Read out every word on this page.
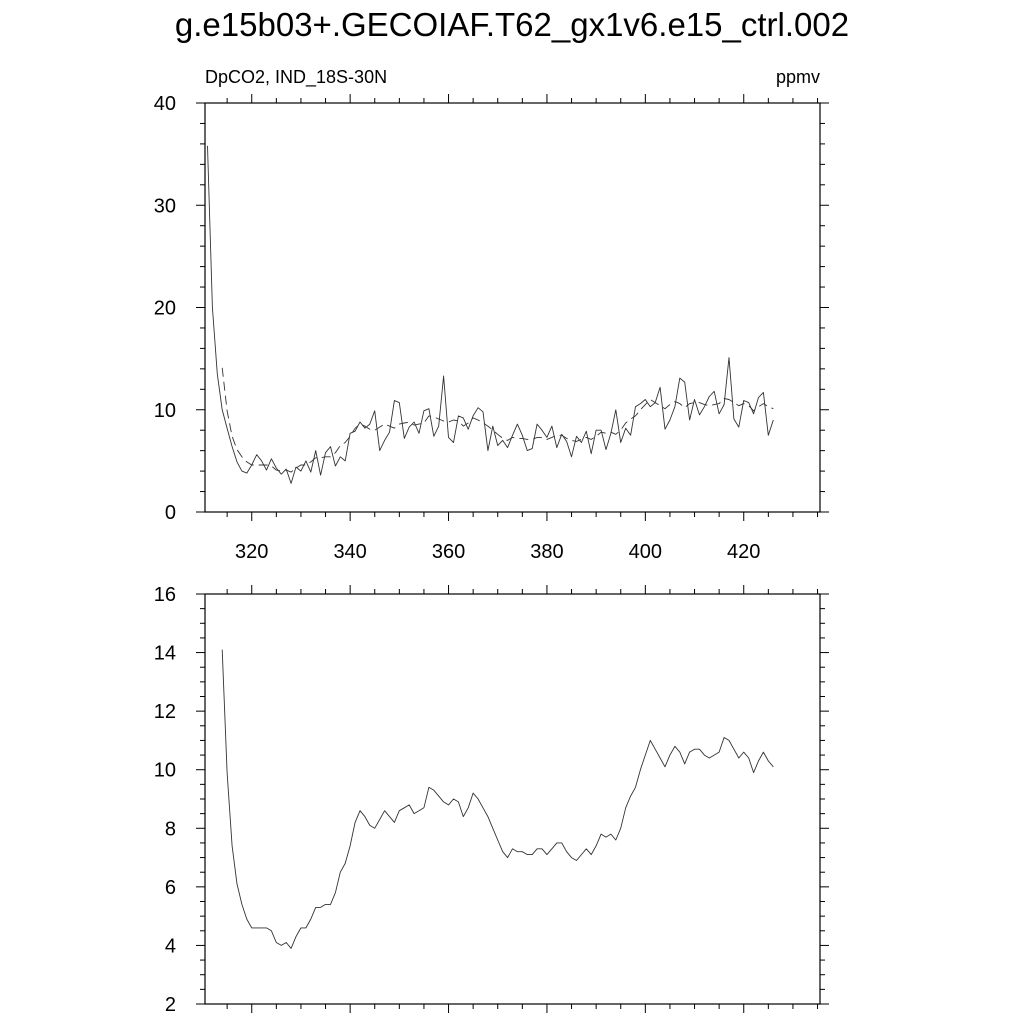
g.e15b03+.GECOIAF.T62_gx1v6.e15_ctrl.002
320	340	360	380	400	420
0
10
20
30
40
DpCO2, IND_18S-30N	ppmv
2
4
6
8
10
12
14
16
